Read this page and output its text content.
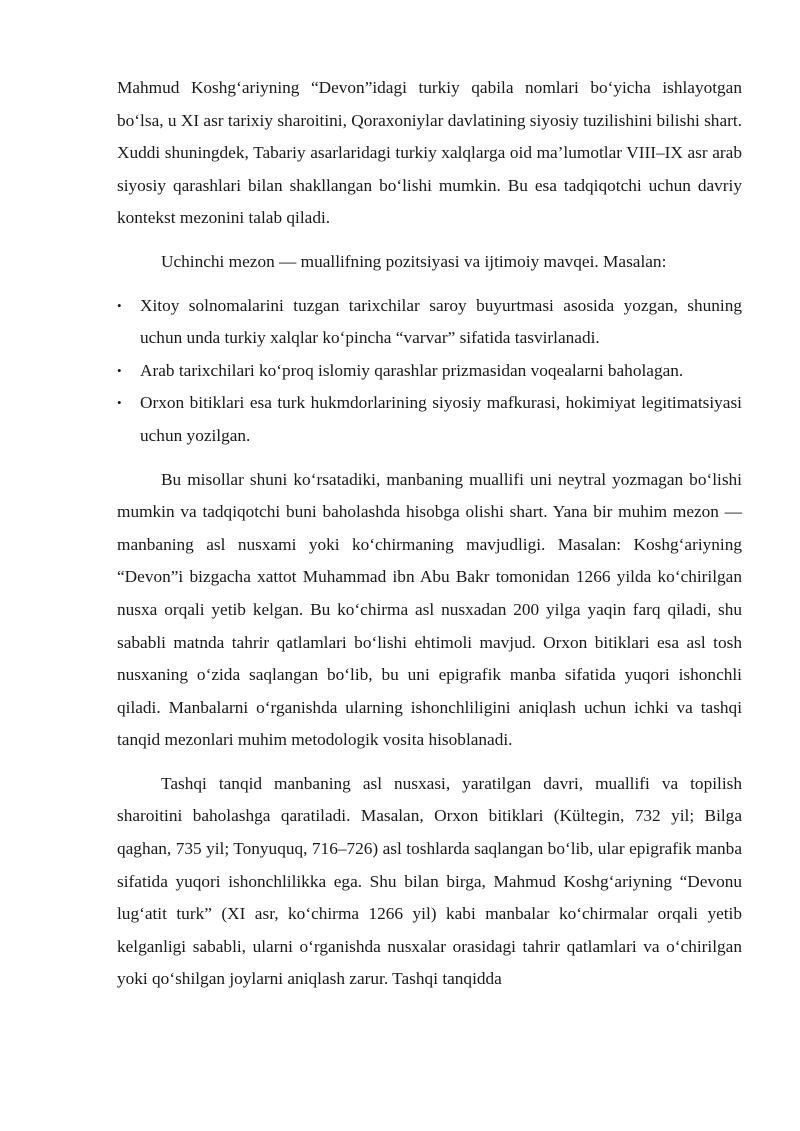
Mahmud Koshg‘ariyning “Devon”idagi turkiy qabila nomlari bo‘yicha ishlayotgan bo‘lsa, u XI asr tarixiy sharoitini, Qoraxoniylar davlatining siyosiy tuzilishini bilishi shart. Xuddi shuningdek, Tabariy asarlaridagi turkiy xalqlarga oid ma’lumotlar VIII–IX asr arab siyosiy qarashlari bilan shakllangan bo‘lishi mumkin. Bu esa tadqiqotchi uchun davriy kontekst mezonini talab qiladi.

Uchinchi mezon — muallifning pozitsiyasi va ijtimoiy mavqei. Masalan:

• Xitoy solnomalarini tuzgan tarixchilar saroy buyurtmasi asosida yozgan, shuning uchun unda turkiy xalqlar ko‘pincha “varvar” sifatida tasvirlanadi.
• Arab tarixchilari ko‘proq islomiy qarashlar prizmasidan voqealarni baholagan.
• Orxon bitiklari esa turk hukmdorlarining siyosiy mafkurasi, hokimiyat legitimatsiyasi uchun yozilgan.

Bu misollar shuni ko‘rsatadiki, manbaning muallifi uni neytral yozmagan bo‘lishi mumkin va tadqiqotchi buni baholashda hisobga olishi shart. Yana bir muhim mezon — manbaning asl nusxami yoki ko‘chirmaning mavjudligi. Masalan: Koshg‘ariyning “Devon”i bizgacha xattot Muhammad ibn Abu Bakr tomonidan 1266 yilda ko‘chirilgan nusxa orqali yetib kelgan. Bu ko‘chirma asl nusxadan 200 yilga yaqin farq qiladi, shu sababli matnda tahrir qatlamlari bo‘lishi ehtimoli mavjud. Orxon bitiklari esa asl tosh nusxaning o‘zida saqlangan bo‘lib, bu uni epigrafik manba sifatida yuqori ishonchli qiladi. Manbalarni o‘rganishda ularning ishonchliligini aniqlash uchun ichki va tashqi tanqid mezonlari muhim metodologik vosita hisoblanadi.

Tashqi tanqid manbaning asl nusxasi, yaratilgan davri, muallifi va topilish sharoitini baholashga qaratiladi. Masalan, Orxon bitiklari (Kültegin, 732 yil; Bilga qaghan, 735 yil; Tonyuquq, 716–726) asl toshlarda saqlangan bo‘lib, ular epigrafik manba sifatida yuqori ishonchlilikka ega. Shu bilan birga, Mahmud Koshg‘ariyning “Devonu lug‘atit turk” (XI asr, ko‘chirma 1266 yil) kabi manbalar ko‘chirmalar orqali yetib kelganligi sababli, ularni o‘rganishda nusxalar orasidagi tahrir qatlamlari va o‘chirilgan yoki qo‘shilgan joylarni aniqlash zarur. Tashqi tanqidda
